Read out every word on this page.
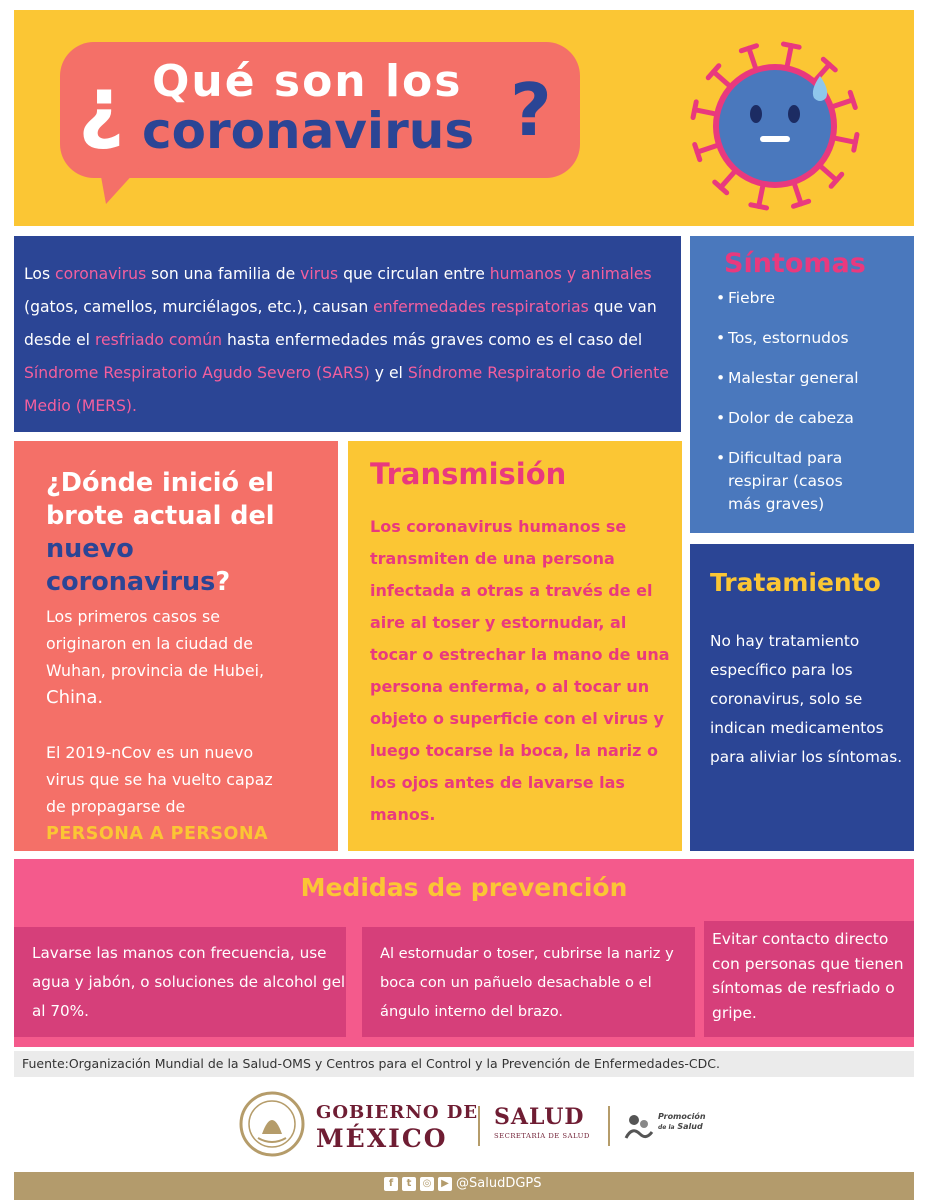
¿ Qué son los
coronavirus ?
Los coronavirus son una familia de virus que circulan entre humanos y animales (gatos, camellos, murciélagos, etc.), causan enfermedades respiratorias que van desde el resfriado común hasta enfermedades más graves como es el caso del Síndrome Respiratorio Agudo Severo (SARS) y el Síndrome Respiratorio de Oriente Medio (MERS).
Síntomas
• Fiebre
• Tos, estornudos
• Malestar general
• Dolor de cabeza
• Dificultad para respirar (casos más graves)
¿Dónde inició el brote actual del nuevo coronavirus?

Los primeros casos se originaron en la ciudad de Wuhan, provincia de Hubei, China.

El 2019-nCov es un nuevo virus que se ha vuelto capaz de propagarse de
PERSONA A PERSONA

Transmisión

Los coronavirus humanos se transmiten de una persona infectada a otras a través de el aire al toser y estornudar, al tocar o estrechar la mano de una persona enferma, o al tocar un objeto o superficie con el virus y luego tocarse la boca, la nariz o los ojos antes de lavarse las manos.

Tratamiento

No hay tratamiento específico para los coronavirus, solo se indican medicamentos para aliviar los síntomas.

Medidas de prevención
Lavarse las manos con frecuencia, use agua y jabón, o soluciones de alcohol gel al 70%.
Al estornudar o toser, cubrirse la nariz y boca con un pañuelo desachable o el ángulo interno del brazo.
Evitar contacto directo con personas que tienen síntomas de resfriado o gripe.
Fuente:Organización Mundial de la Salud-OMS y Centros para el Control y la Prevención de Enfermedades-CDC.
GOBIERNO DE
MÉXICO
SALUD
SECRETARÍA DE SALUD
Promoción
de la Salud
f	t	◎ ▶ @SaludDGPS
